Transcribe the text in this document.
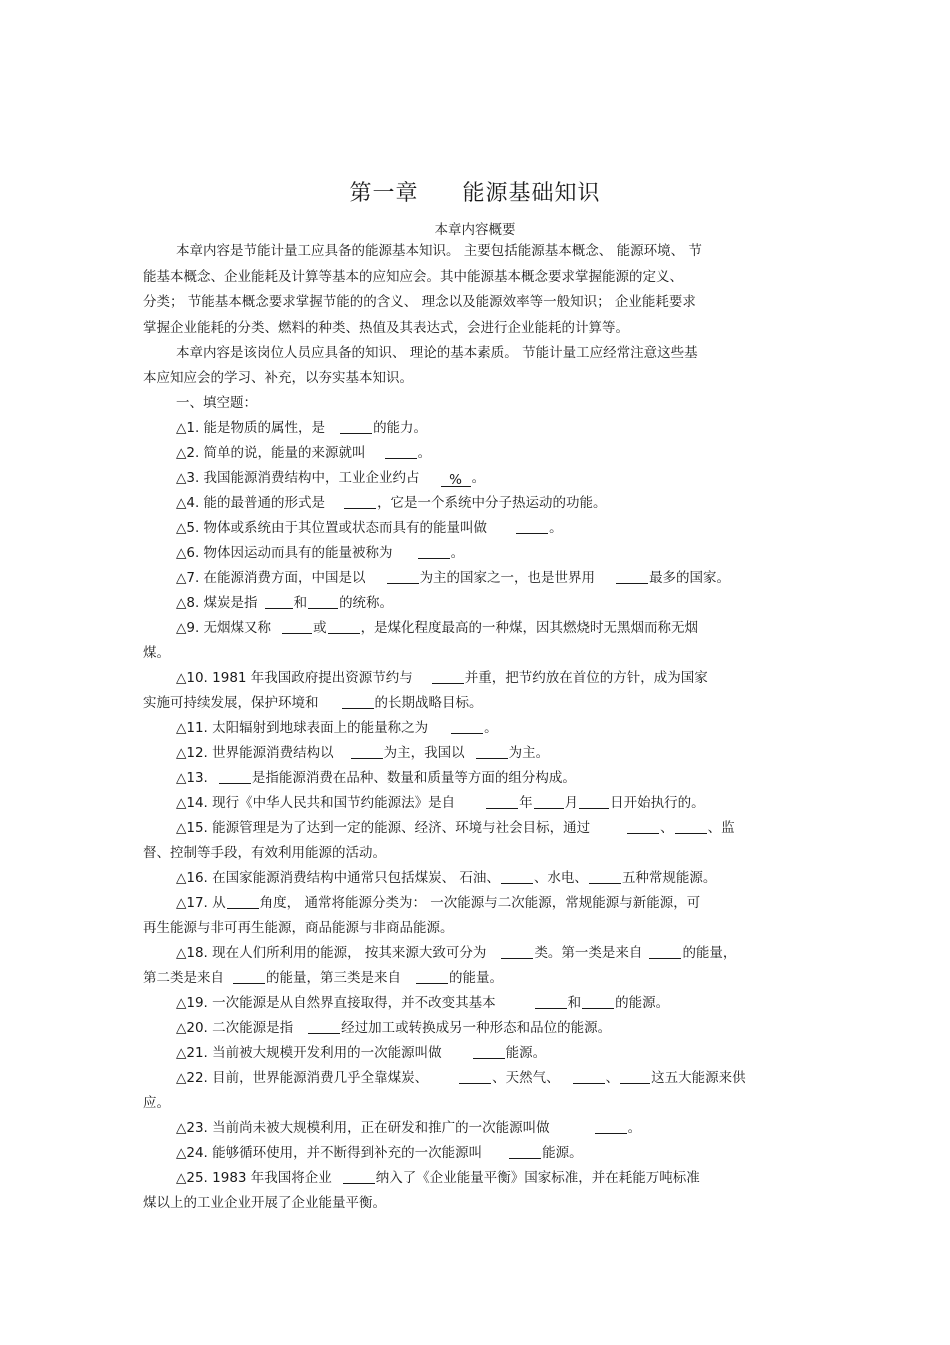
第一章 能源基础知识
本章内容概要
本章内容是节能计量工应具备的能源基本知识。 主要包括能源基本概念、 能源环境、 节
能基本概念、企业能耗及计算等基本的应知应会。其中能源基本概念要求掌握能源的定义、
分类； 节能基本概念要求掌握节能的的含义、 理念以及能源效率等一般知识； 企业能耗要求
掌握企业能耗的分类、燃料的种类、热值及其表达式，会进行企业能耗的计算等。
本章内容是该岗位人员应具备的知识、 理论的基本素质。 节能计量工应经常注意这些基
本应知应会的学习、补充，以夯实基本知识。
一、填空题：
△1. 能是物质的属性，是	的能力。
△2. 简单的说，能量的来源就叫	。
△3. 我国能源消费结构中，工业企业约占 % 。
△4. 能的最普通的形式是	，它是一个系统中分子热运动的功能。
△5. 物体或系统由于其位置或状态而具有的能量叫做	。
△6. 物体因运动而具有的能量被称为	。
△7. 在能源消费方面，中国是以	为主的国家之一，也是世界用	最多的国家。
△8. 煤炭是指	和 的统称。
△9. 无烟煤又称	或	，是煤化程度最高的一种煤，因其燃烧时无黑烟而称无烟
煤。
△10. 1981 年我国政府提出资源节约与	并重，把节约放在首位的方针，成为国家
实施可持续发展，保护环境和	的长期战略目标。
△11. 太阳辐射到地球表面上的能量称之为	。
△12. 世界能源消费结构以	为主，我国以	为主。
△13.	是指能源消费在品种、数量和质量等方面的组分构成。
△14. 现行《中华人民共和国节约能源法》是自	年 月 日开始执行的。
△15. 能源管理是为了达到一定的能源、经济、环境与社会目标，通过	、	、监
督、控制等手段，有效利用能源的活动。
△16. 在国家能源消费结构中通常只包括煤炭、 石油、	、水电、	五种常规能源。
△17. 从	角度， 通常将能源分类为： 一次能源与二次能源，常规能源与新能源，可
再生能源与非可再生能源，商品能源与非商品能源。
△18. 现在人们所利用的能源， 按其来源大致可分为	类。第一类是来自	的能量，
第二类是来自	的能量，第三类是来自	的能量。
△19. 一次能源是从自然界直接取得，并不改变其基本	和	的能源。
△20. 二次能源是指	经过加工或转换成另一种形态和品位的能源。
△21. 当前被大规模开发利用的一次能源叫做	能源。
△22. 目前，世界能源消费几乎全靠煤炭、	、天然气、	、 这五大能源来供
应。
△23. 当前尚未被大规模利用，正在研发和推广的一次能源叫做	。
△24. 能够循环使用，并不断得到补充的一次能源叫	能源。
△25. 1983 年我国将企业	纳入了《企业能量平衡》国家标准，并在耗能万吨标准
煤以上的工业企业开展了企业能量平衡。
